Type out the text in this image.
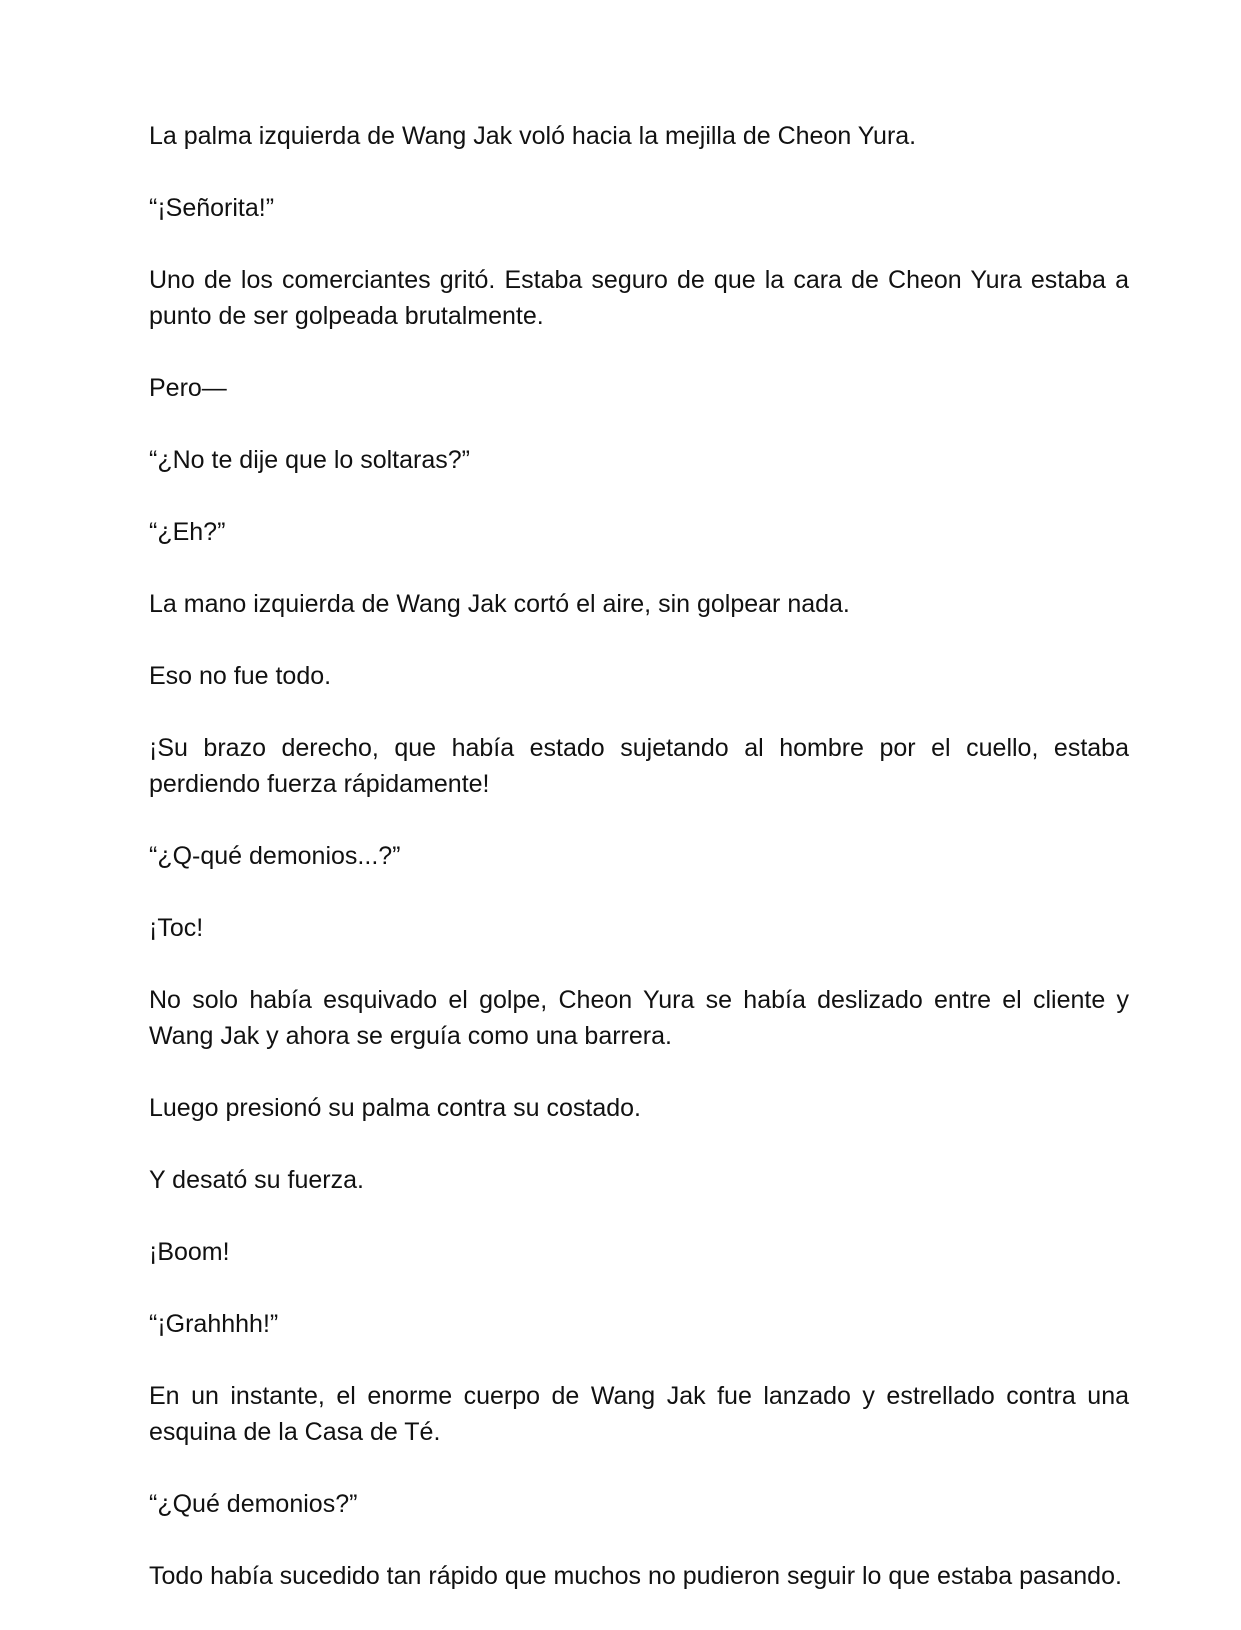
La palma izquierda de Wang Jak voló hacia la mejilla de Cheon Yura.

“¡Señorita!”

Uno de los comerciantes gritó. Estaba seguro de que la cara de Cheon Yura estaba a punto de ser golpeada brutalmente.

Pero—

“¿No te dije que lo soltaras?”

“¿Eh?”

La mano izquierda de Wang Jak cortó el aire, sin golpear nada.

Eso no fue todo.

¡Su brazo derecho, que había estado sujetando al hombre por el cuello, estaba perdiendo fuerza rápidamente!

“¿Q-qué demonios...?”

¡Toc!

No solo había esquivado el golpe, Cheon Yura se había deslizado entre el cliente y Wang Jak y ahora se erguía como una barrera.

Luego presionó su palma contra su costado.

Y desató su fuerza.

¡Boom!

“¡Grahhhh!”

En un instante, el enorme cuerpo de Wang Jak fue lanzado y estrellado contra una esquina de la Casa de Té.

“¿Qué demonios?”

Todo había sucedido tan rápido que muchos no pudieron seguir lo que estaba pasando.
